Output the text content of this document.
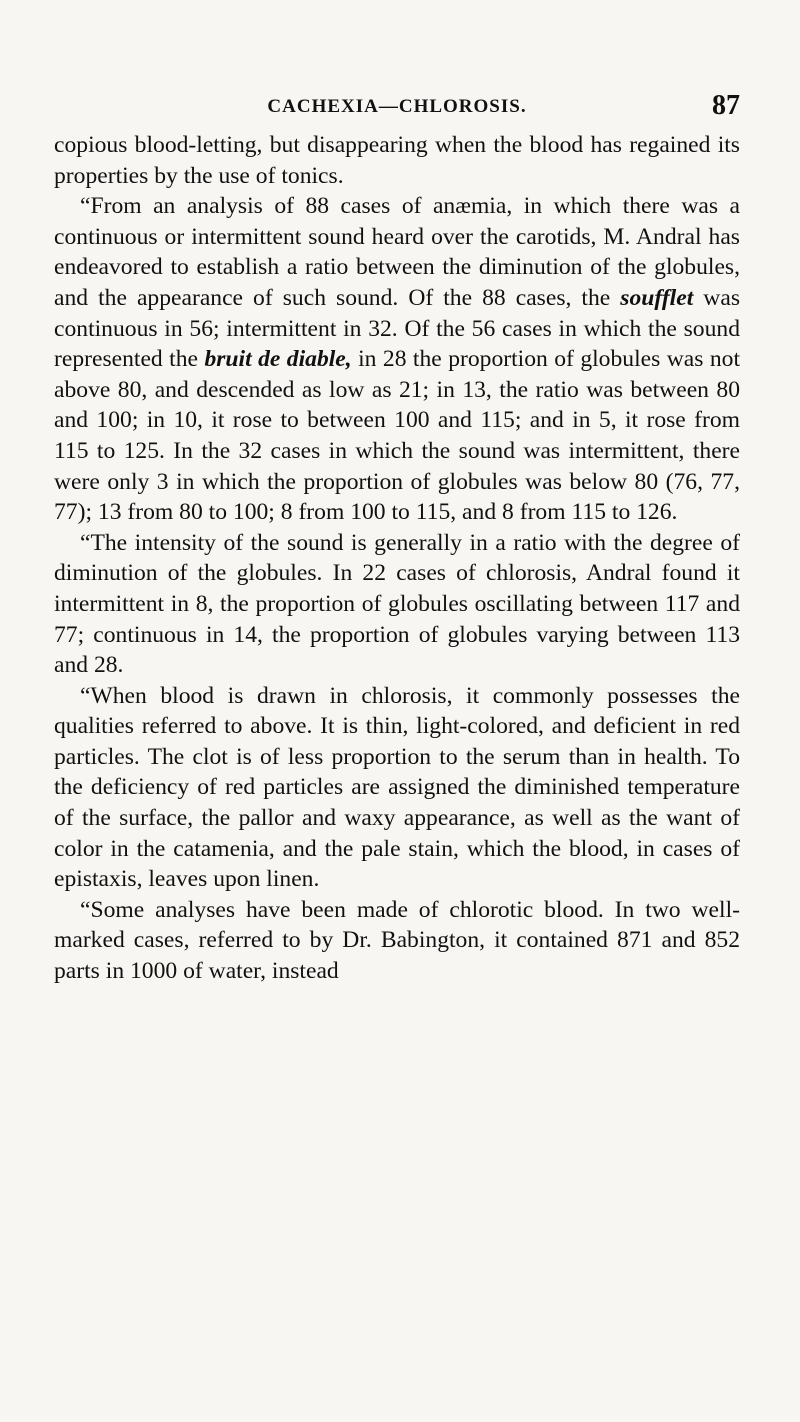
CACHEXIA—CHLOROSIS.	87

copious blood-letting, but disappearing when the blood has regained its properties by the use of tonics.

“From an analysis of 88 cases of anæmia, in which there was a continuous or intermittent sound heard over the carotids, M. Andral has endeavored to establish a ratio between the diminution of the globules, and the appearance of such sound. Of the 88 cases, the soufflet was continuous in 56; intermittent in 32. Of the 56 cases in which the sound represented the bruit de diable, in 28 the proportion of globules was not above 80, and descended as low as 21; in 13, the ratio was between 80 and 100; in 10, it rose to between 100 and 115; and in 5, it rose from 115 to 125. In the 32 cases in which the sound was intermittent, there were only 3 in which the proportion of globules was below 80 (76, 77, 77); 13 from 80 to 100; 8 from 100 to 115, and 8 from 115 to 126.

“The intensity of the sound is generally in a ratio with the degree of diminution of the globules. In 22 cases of chlorosis, Andral found it intermittent in 8, the proportion of globules oscillating between 117 and 77; continuous in 14, the proportion of globules varying between 113 and 28.

“When blood is drawn in chlorosis, it commonly possesses the qualities referred to above. It is thin, light-colored, and deficient in red particles. The clot is of less proportion to the serum than in health. To the deficiency of red particles are assigned the diminished temperature of the surface, the pallor and waxy appearance, as well as the want of color in the catamenia, and the pale stain, which the blood, in cases of epistaxis, leaves upon linen.

“Some analyses have been made of chlorotic blood. In two well-marked cases, referred to by Dr. Babington, it contained 871 and 852 parts in 1000 of water, instead
